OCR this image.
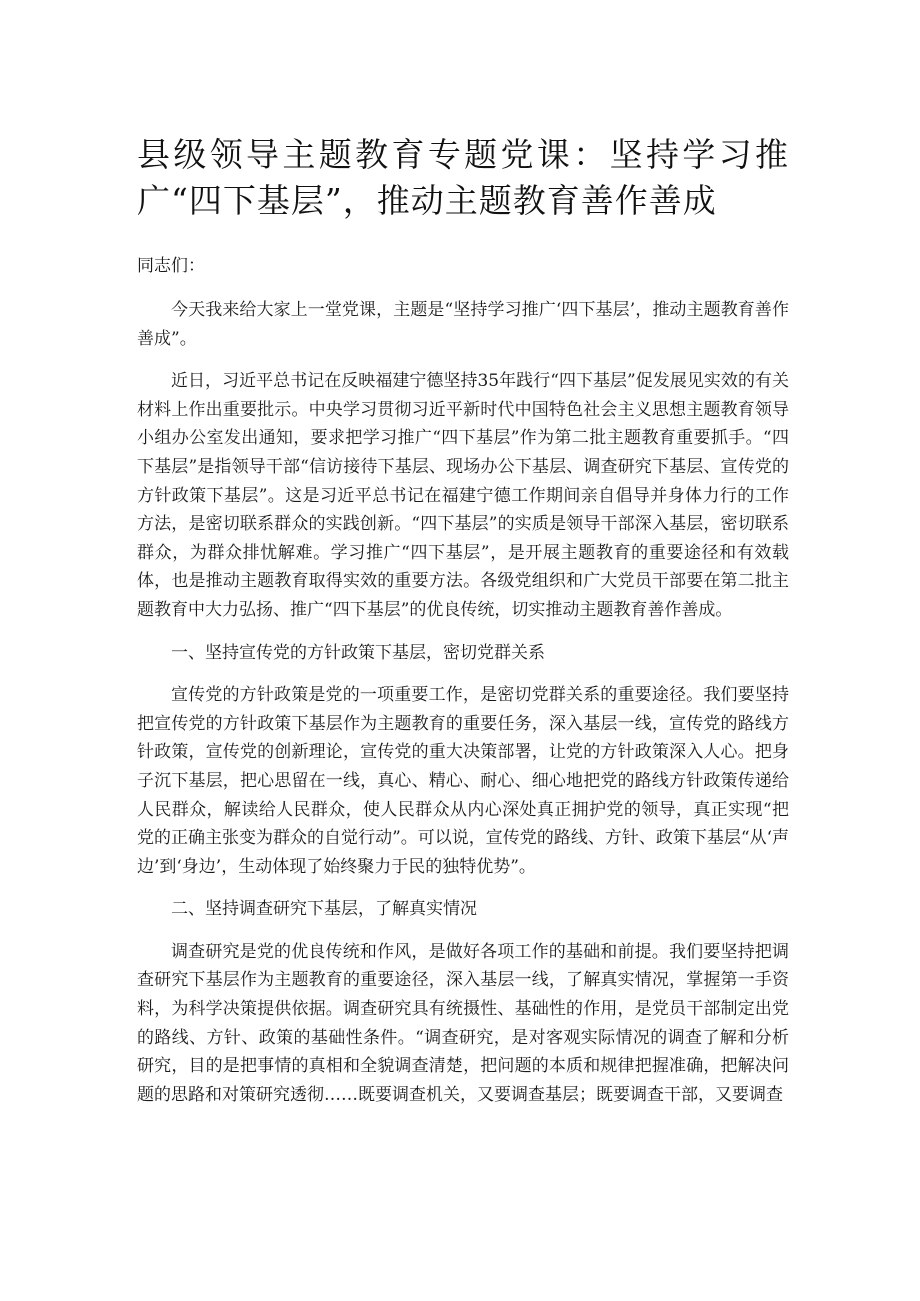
县级领导主题教育专题党课：坚持学习推广“四下基层”，推动主题教育善作善成

同志们：

今天我来给大家上一堂党课，主题是“坚持学习推广‘四下基层’，推动主题教育善作善成”。

近日，习近平总书记在反映福建宁德坚持35年践行“四下基层”促发展见实效的有关材料上作出重要批示。中央学习贯彻习近平新时代中国特色社会主义思想主题教育领导小组办公室发出通知，要求把学习推广“四下基层”作为第二批主题教育重要抓手。“四下基层”是指领导干部“信访接待下基层、现场办公下基层、调查研究下基层、宣传党的方针政策下基层”。这是习近平总书记在福建宁德工作期间亲自倡导并身体力行的工作方法，是密切联系群众的实践创新。“四下基层”的实质是领导干部深入基层，密切联系群众，为群众排忧解难。学习推广“四下基层”，是开展主题教育的重要途径和有效载体，也是推动主题教育取得实效的重要方法。各级党组织和广大党员干部要在第二批主题教育中大力弘扬、推广“四下基层”的优良传统，切实推动主题教育善作善成。

一、坚持宣传党的方针政策下基层，密切党群关系

宣传党的方针政策是党的一项重要工作，是密切党群关系的重要途径。我们要坚持把宣传党的方针政策下基层作为主题教育的重要任务，深入基层一线，宣传党的路线方针政策，宣传党的创新理论，宣传党的重大决策部署，让党的方针政策深入人心。把身子沉下基层，把心思留在一线，真心、精心、耐心、细心地把党的路线方针政策传递给人民群众，解读给人民群众，使人民群众从内心深处真正拥护党的领导，真正实现“把党的正确主张变为群众的自觉行动”。可以说，宣传党的路线、方针、政策下基层“从‘声边’到‘身边’，生动体现了始终聚力于民的独特优势”。

二、坚持调查研究下基层，了解真实情况

调查研究是党的优良传统和作风，是做好各项工作的基础和前提。我们要坚持把调查研究下基层作为主题教育的重要途径，深入基层一线，了解真实情况，掌握第一手资料，为科学决策提供依据。调查研究具有统摄性、基础性的作用，是党员干部制定出党的路线、方针、政策的基础性条件。“调查研究，是对客观实际情况的调查了解和分析研究，目的是把事情的真相和全貌调查清楚，把问题的本质和规律把握准确，把解决问题的思路和对策研究透彻……既要调查机关，又要调查基层；既要调查干部，又要调查
